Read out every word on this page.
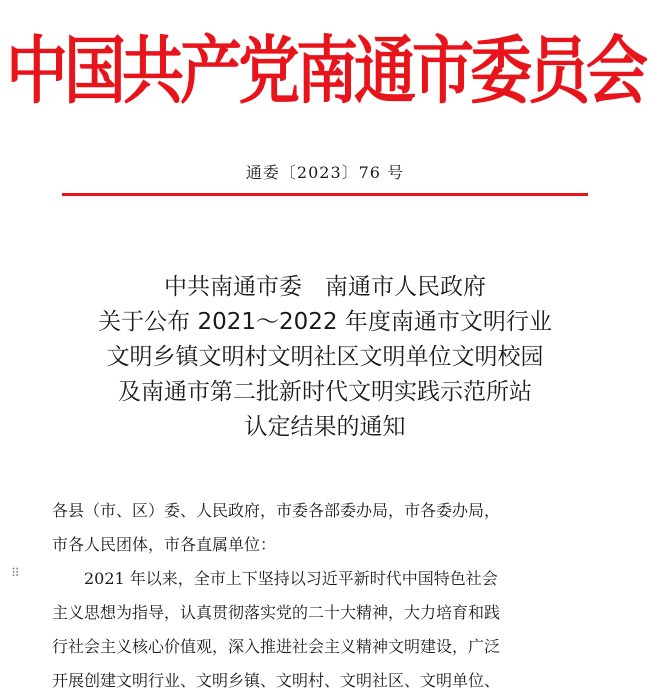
中国共产党南通市委员会
通委〔2023〕76 号
中共南通市委　南通市人民政府
关于公布 2021～2022 年度南通市文明行业
文明乡镇文明村文明社区文明单位文明校园
及南通市第二批新时代文明实践示范所站
认定结果的通知
⠿
各县（市、区）委、人民政府，市委各部委办局，市各委办局，
市各人民团体，市各直属单位：
2021 年以来，全市上下坚持以习近平新时代中国特色社会
主义思想为指导，认真贯彻落实党的二十大精神，大力培育和践
行社会主义核心价值观，深入推进社会主义精神文明建设，广泛
开展创建文明行业、文明乡镇、文明村、文明社区、文明单位、
